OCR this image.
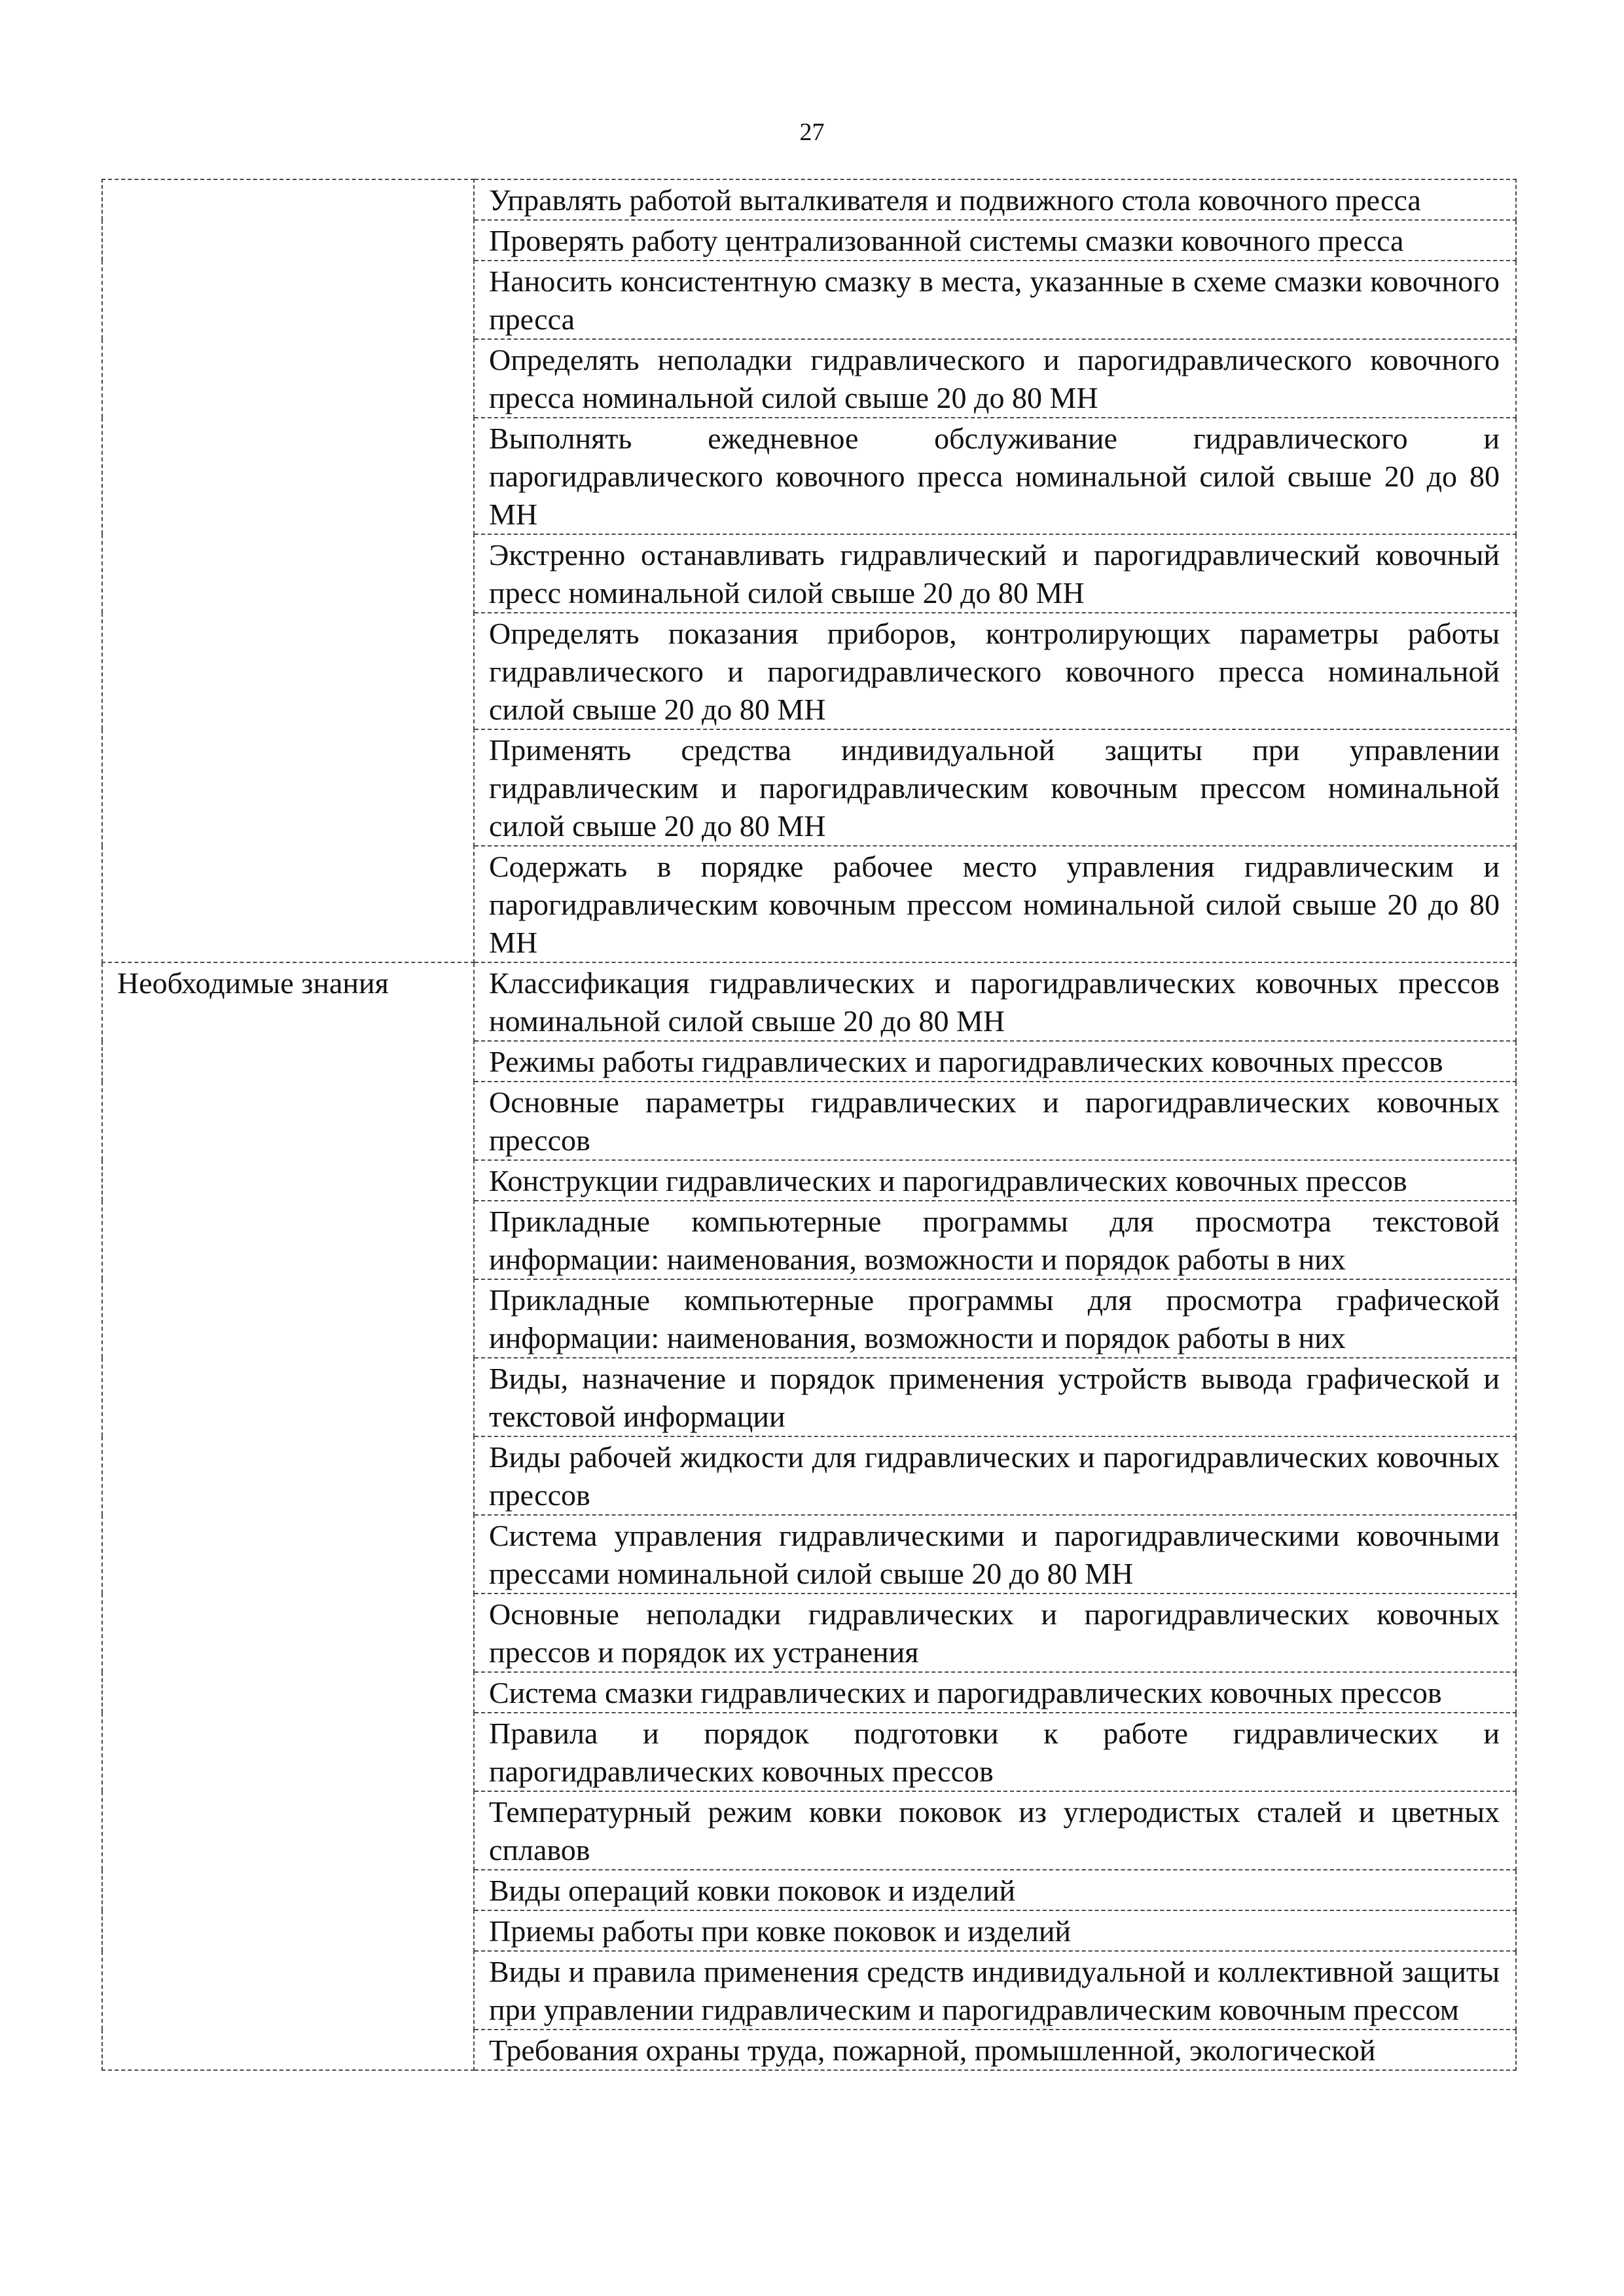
27
	Управлять работой выталкивателя и подвижного стола ковочного пресса
	Проверять работу централизованной системы смазки ковочного пресса
	Наносить консистентную смазку в места, указанные в схеме смазки ковочного пресса
	Определять неполадки гидравлического и парогидравлического ковочного пресса номинальной силой свыше 20 до 80 МН
	Выполнять ежедневное обслуживание гидравлического и парогидравлического ковочного пресса номинальной силой свыше 20 до 80 МН
	Экстренно останавливать гидравлический и парогидравлический ковочный пресс номинальной силой свыше 20 до 80 МН
	Определять показания приборов, контролирующих параметры работы гидравлического и парогидравлического ковочного пресса номинальной силой свыше 20 до 80 МН
	Применять средства индивидуальной защиты при управлении гидравлическим и парогидравлическим ковочным прессом номинальной силой свыше 20 до 80 МН
	Содержать в порядке рабочее место управления гидравлическим и парогидравлическим ковочным прессом номинальной силой свыше 20 до 80 МН
Необходимые знания	Классификация гидравлических и парогидравлических ковочных прессов номинальной силой свыше 20 до 80 МН
	Режимы работы гидравлических и парогидравлических ковочных прессов
	Основные параметры гидравлических и парогидравлических ковочных прессов
	Конструкции гидравлических и парогидравлических ковочных прессов
	Прикладные компьютерные программы для просмотра текстовой информации: наименования, возможности и порядок работы в них
	Прикладные компьютерные программы для просмотра графической информации: наименования, возможности и порядок работы в них
	Виды, назначение и порядок применения устройств вывода графической и текстовой информации
	Виды рабочей жидкости для гидравлических и парогидравлических ковочных прессов
	Система управления гидравлическими и парогидравлическими ковочными прессами номинальной силой свыше 20 до 80 МН
	Основные неполадки гидравлических и парогидравлических ковочных прессов и порядок их устранения
	Система смазки гидравлических и парогидравлических ковочных прессов
	Правила и порядок подготовки к работе гидравлических и парогидравлических ковочных прессов
	Температурный режим ковки поковок из углеродистых сталей и цветных сплавов
	Виды операций ковки поковок и изделий
	Приемы работы при ковке поковок и изделий
	Виды и правила применения средств индивидуальной и коллективной защиты при управлении гидравлическим и парогидравлическим ковочным прессом
	Требования охраны труда, пожарной, промышленной, экологической
